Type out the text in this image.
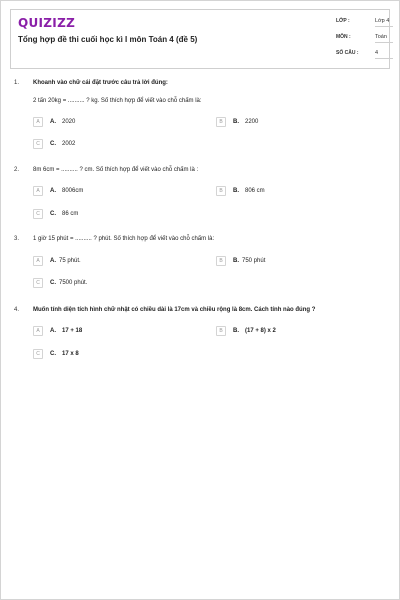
QUIZIZZ
Tổng hợp đề thi cuối học kì I môn Toán 4 (đề 5)
LỚP :	Lớp 4
MÔN :	Toán
SỐ CÂU :	4
1. Khoanh vào chữ cái đặt trước câu trả lời đúng:
2 tấn 20kg = .......... ? kg. Số thích hợp để viết vào chỗ chấm là:
A	A. 2020	B	B. 2200
C	C. 2002
2. 8m 6cm = .......... ? cm. Số thích hợp để viết vào chỗ chấm là :
A	A. 8006cm	B	B. 806 cm
C	C. 86 cm
3. 1 giờ 15 phút = .......... ? phút. Số thích hợp để viết vào chỗ chấm là:
A	A. 75 phút.	B	B. 750 phút
C	C. 7500 phút.
4. Muốn tính diện tích hình chữ nhật có chiều dài là 17cm và chiều rộng là 8cm. Cách tính nào đúng ?
A	A. 17 + 18	B	B. (17 + 8) x 2
C	C. 17 x 8
